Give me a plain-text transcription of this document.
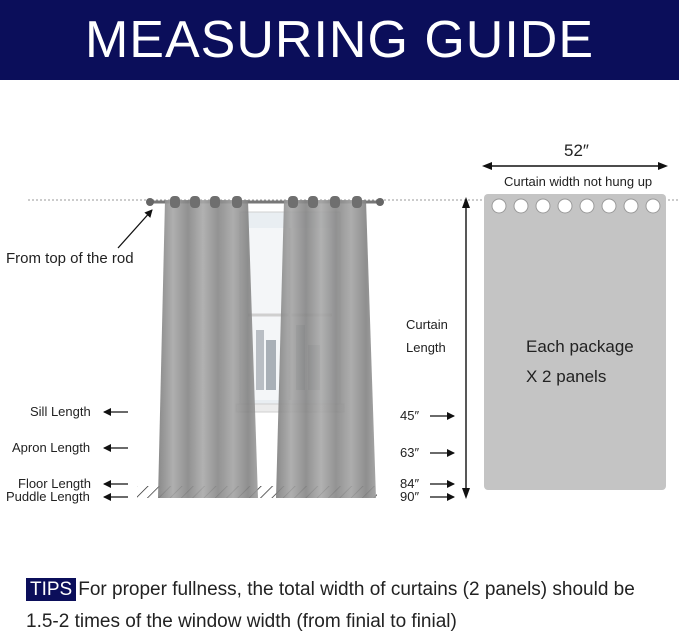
MEASURING GUIDE
From top of the rod
Sill Length
Apron Length
Floor Length
Puddle Length
45″
63″
84″
90″
Curtain
Length
52″
Curtain width not hung up
Each package
X 2 panels
TIPS For proper fullness, the total width of curtains (2 panels) should be 1.5-2 times of the window width (from finial to finial)
